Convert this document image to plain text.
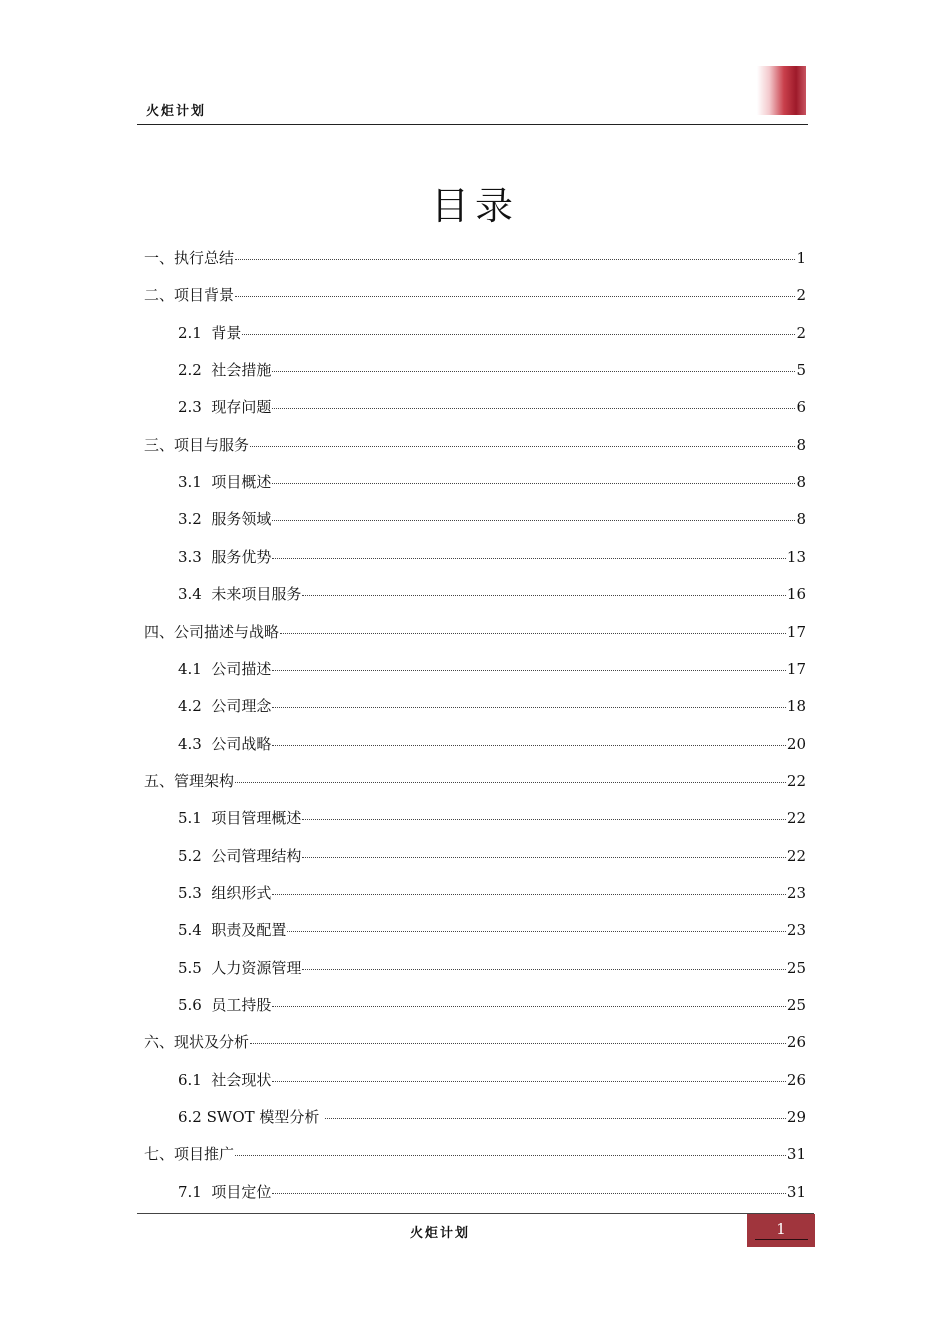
火炬计划
目录
一、执行总结	1
二、项目背景	2
2.1  背景	2
2.2  社会措施	5
2.3  现存问题	6
三、项目与服务	8
3.1  项目概述	8
3.2  服务领域	8
3.3  服务优势	13
3.4  未来项目服务	16
四、公司描述与战略	17
4.1  公司描述	17
4.2  公司理念	18
4.3  公司战略	20
五、管理架构	22
5.1  项目管理概述	22
5.2  公司管理结构	22
5.3  组织形式	23
5.4  职责及配置	23
5.5  人力资源管理	25
5.6  员工持股	25
六、现状及分析	26
6.1  社会现状	26
6.2 SWOT 模型分析	29
七、项目推广	31
7.1  项目定位	31
火炬计划	1
